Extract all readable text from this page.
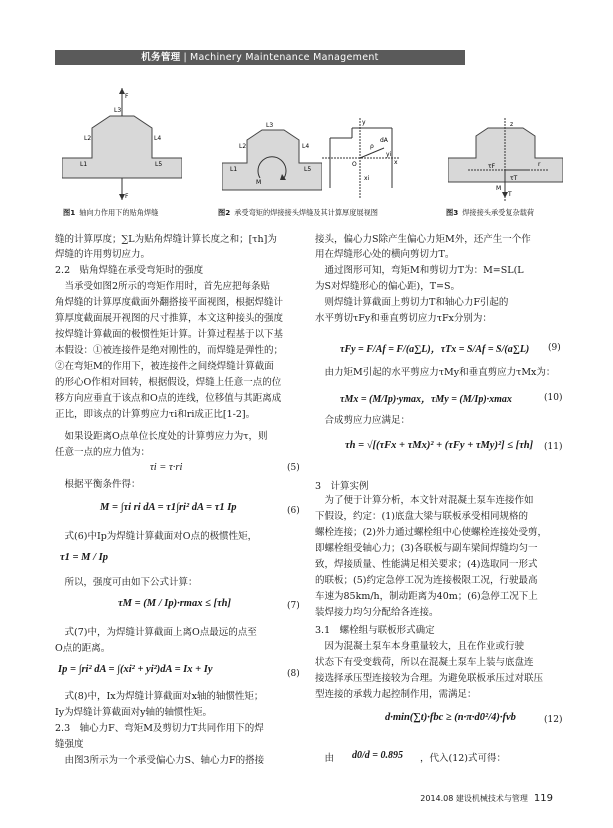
机务管理 | Machinery Maintenance Management
F
F
L1
L2
L3
L4
L5
M
L1
L2
L3
L4
L5
y
ρ
O	x
dA
xi
yi
M
T
τF
τT
z
r
图1 轴向力作用下的贴角焊缝	图2 承受弯矩的焊接接头焊缝及其计算厚度展视图	图3 焊接接头承受复杂载荷
缝的计算厚度；∑L为贴角焊缝计算长度之和；[τh]为
焊缝的许用剪切应力。
2.2　贴角焊缝在承受弯矩时的强度
　当承受如图2所示的弯矩作用时，首先应把每条贴
角焊缝的计算厚度截面外翻搭接平面视图，根据焊缝计
算厚度截面展开视图的尺寸推算，本文这种接头的强度
按焊缝计算截面的极惯性矩计算。计算过程基于以下基
本假设：①被连接件是绝对刚性的，而焊缝是弹性的；
②在弯矩M的作用下，被连接件之间绕焊缝计算截面
的形心O作相对回转，根据假设，焊缝上任意一点的位
移方向应垂直于该点和O点的连线，位移值与其距离成
正比，即该点的计算剪应力τi和ri成正比[1-2]。
　如果设距离O点单位长度处的计算剪应力为τ，则
任意一点的应力值为：
τi = τ·ri	(5)
　根据平衡条件得：
M = ∫τi ri dA = τ1∫ri² dA = τ1 Ip	(6)
　式(6)中Ip为焊缝计算截面对O点的极惯性矩，
τ1 = M / Ip
　所以，强度可由如下公式计算：
τM = (M / Ip)·rmax ≤ [τh]	(7)
　式(7)中，为焊缝计算截面上离O点最远的点至
O点的距离。
Ip = ∫ri² dA = ∫(xi² + yi²)dA = Ix + Iy	(8)
　式(8)中，Ix为焊缝计算截面对x轴的轴惯性矩；
Iy为焊缝计算截面对y轴的轴惯性矩。
2.3　轴心力F、弯矩M及剪切力T共同作用下的焊
缝强度
　由图3所示为一个承受偏心力S、轴心力F的搭接
接头，偏心力S除产生偏心力矩M外，还产生一个作
用在焊缝形心处的横向剪切力T。
　通过图形可知，弯矩M和剪切力T为：M=SL(L
为S对焊缝形心的偏心距)，T=S。
　则焊缝计算截面上剪切力T和轴心力F引起的
水平剪切τFy和垂直剪切应力τFx分别为：
τFy = F/Af = F/(a∑L)，τTx = S/Af = S/(a∑L) (9)
　由力矩M引起的水平剪应力τMy和垂直剪应力τMx为：
τMx = (M/Ip)·ymax，τMy = (M/Ip)·xmax	(10)
　合成剪应力应满足：
τh = √[(τFx + τMx)² + (τFy + τMy)²] ≤ [τh] (11)
3　计算实例
　为了便于计算分析，本文针对混凝土泵车连接作如
下假设，约定：(1)底盘大梁与联板承受相同规格的
螺栓连接；(2)外力通过螺栓组中心使螺栓连接处受剪，
即螺栓组受轴心力；(3)各联板与副车梁间焊缝均匀一
致，焊接质量、性能满足相关要求；(4)选取同一形式
的联板；(5)约定急停工况为连接极限工况，行驶最高
车速为85km/h，制动距离为40m；(6)急停工况下上
装焊接力均匀分配给各连接。
3.1　螺栓组与联板形式确定
　因为混凝土泵车本身重量较大，且在作业或行驶
状态下有受变载荷，所以在混凝土泵车上装与底盘连
接选择承压型连接较为合理。为避免联板承压过对联压
型连接的承载力起控制作用，需满足：
d·min(∑t)·fbc ≥ (n·π·d0²/4)·fvb	(12)
　由 d0/d = 0.895 ，代入(12)式可得：
2014.08 建设机械技术与管理 119
